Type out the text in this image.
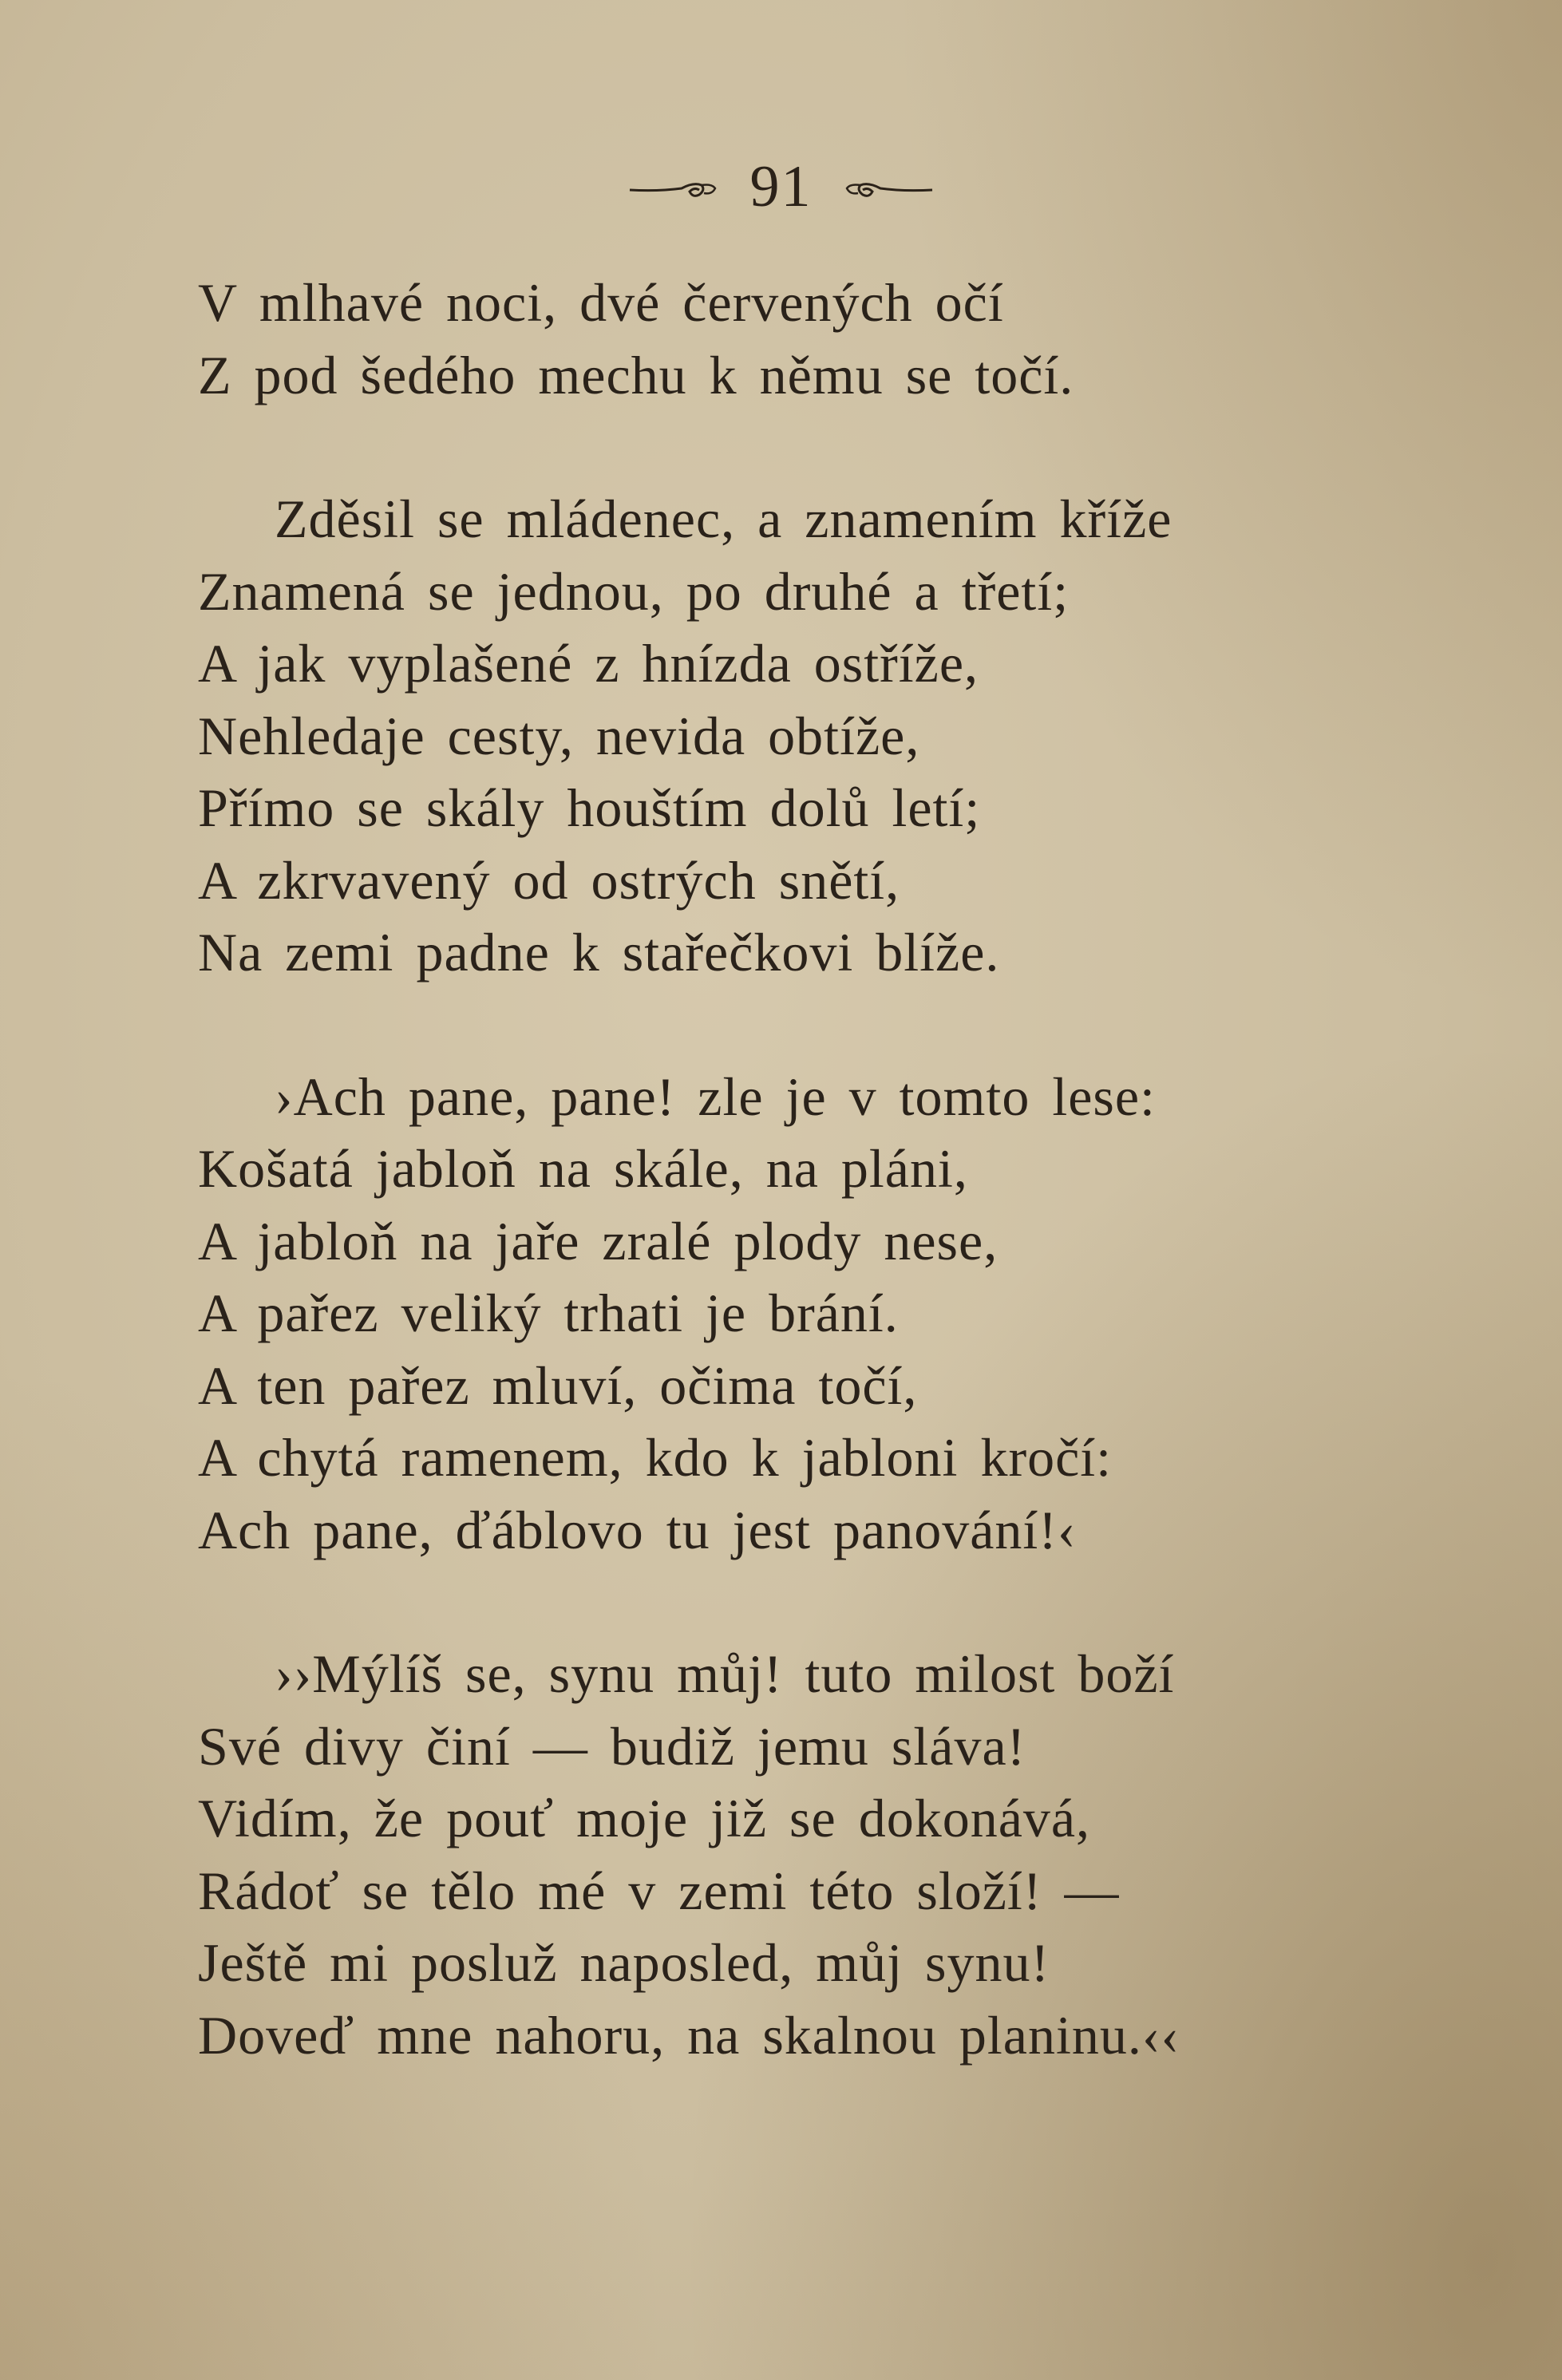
91
V mlhavé noci, dvé červených očí
Z pod šedého mechu k němu se točí.
Zděsil se mládenec, a znamením kříže
Znamená se jednou, po druhé a třetí;
A jak vyplašené z hnízda ostříže,
Nehledaje cesty, nevida obtíže,
Přímo se skály houštím dolů letí;
A zkrvavený od ostrých snětí,
Na zemi padne k stařečkovi blíže.
›Ach pane, pane! zle je v tomto lese:
Košatá jabloň na skále, na pláni,
A jabloň na jaře zralé plody nese,
A pařez veliký trhati je brání.
A ten pařez mluví, očima točí,
A chytá ramenem, kdo k jabloni kročí:
Ach pane, ďáblovo tu jest panování!‹
››Mýlíš se, synu můj! tuto milost boží
Své divy činí — budiž jemu sláva!
Vidím, že pouť moje již se dokonává,
Rádoť se tělo mé v zemi této složí! —
Ještě mi posluž naposled, můj synu!
Doveď mne nahoru, na skalnou planinu.‹‹
